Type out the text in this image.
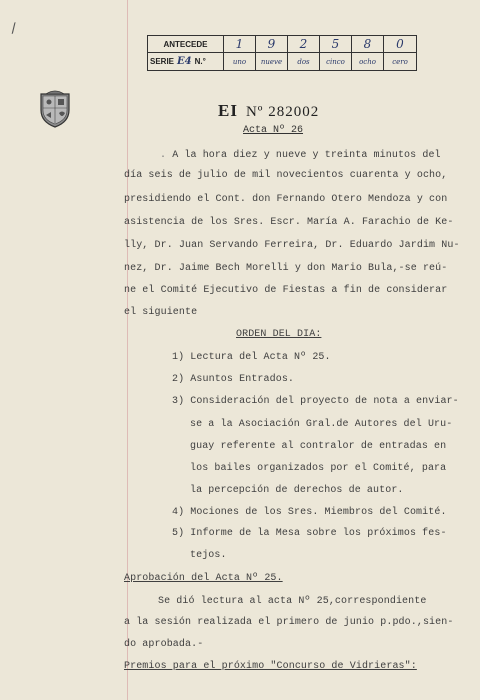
/
ANTECEDE	1	9	2	5	8	0
SERIE E4 N.°	uno	nueve	dos	cinco	ocho	cero
EI Nº 282002
Acta Nº 26
. A la hora diez y nueve y treinta minutos del
día seis de julio de mil novecientos cuarenta y ocho,
presidiendo el Cont. don Fernando Otero Mendoza y con
asistencia de los Sres. Escr. María A. Farachio de Ke-
lly, Dr. Juan Servando Ferreira, Dr. Eduardo Jardim Nu-
nez, Dr. Jaime Bech Morelli y don Mario Bula,-se reú-
ne el Comité Ejecutivo de Fiestas a fin de considerar
el siguiente
ORDEN DEL DIA:
1) Lectura del Acta Nº 25.
2) Asuntos Entrados.
3) Consideración del proyecto de nota a enviar-
se a la Asociación Gral.de Autores del Uru-
guay referente al contralor de entradas en
los bailes organizados por el Comité, para
la percepción de derechos de autor.
4) Mociones de los Sres. Miembros del Comité.
5) Informe de la Mesa sobre los próximos fes-
tejos.
Aprobación del Acta Nº 25.
Se dió lectura al acta Nº 25,correspondiente
a la sesión realizada el primero de junio p.pdo.,sien-
do aprobada.-
Premios para el próximo "Concurso de Vidrieras":
